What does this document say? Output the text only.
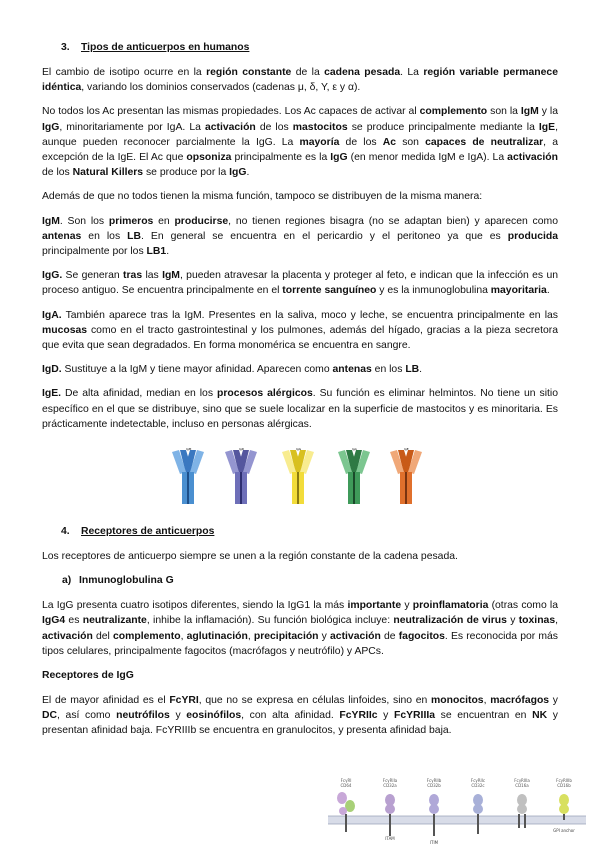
3. Tipos de anticuerpos en humanos

El cambio de isotipo ocurre en la región constante de la cadena pesada. La región variable permanece idéntica, variando los dominios conservados (cadenas μ, δ, Υ, ε y α).

No todos los Ac presentan las mismas propiedades. Los Ac capaces de activar al complemento son la IgM y la IgG, minoritariamente por IgA. La activación de los mastocitos se produce principalmente mediante la IgE, aunque pueden reconocer parcialmente la IgG. La mayoría de los Ac son capaces de neutralizar, a excepción de la IgE. El Ac que opsoniza principalmente es la IgG (en menor medida IgM e IgA). La activación de los Natural Killers se produce por la IgG.

Además de que no todos tienen la misma función, tampoco se distribuyen de la misma manera:

IgM. Son los primeros en producirse, no tienen regiones bisagra (no se adaptan bien) y aparecen como antenas en los LB. En general se encuentra en el pericardio y el peritoneo ya que es producida principalmente por los LB1.

IgG. Se generan tras las IgM, pueden atravesar la placenta y proteger al feto, e indican que la infección es un proceso antiguo. Se encuentra principalmente en el torrente sanguíneo y es la inmunoglobulina mayoritaria.

IgA. También aparece tras la IgM. Presentes en la saliva, moco y leche, se encuentra principalmente en las mucosas como en el tracto gastrointestinal y los pulmones, además del hígado, gracias a la pieza secretora que evita que sean degradados. En forma monomérica se encuentra en sangre.

IgD. Sustituye a la IgM y tiene mayor afinidad. Aparecen como antenas en los LB.

IgE. De alta afinidad, median en los procesos alérgicos. Su función es eliminar helmintos. No tiene un sitio específico en el que se distribuye, sino que se suele localizar en la superficie de mastocitos y es minoritaria. Es prácticamente indetectable, incluso en personas alérgicas.

IgM	IgD	IgG	IgA	IgE
4. Receptores de anticuerpos

Los receptores de anticuerpo siempre se unen a la región constante de la cadena pesada.

a) Inmunoglobulina G

La IgG presenta cuatro isotipos diferentes, siendo la IgG1 la más importante y proinflamatoria (otras como la IgG4 es neutralizante, inhibe la inflamación). Su función biológica incluye: neutralización de virus y toxinas, activación del complemento, aglutinación, precipitación y activación de fagocitos. Es reconocida por más tipos celulares, principalmente fagocitos (macrófagos y neutrófilo) y APCs.

Receptores de IgG

El de mayor afinidad es el FcYRI, que no se expresa en células linfoides, sino en monocitos, macrófagos y DC, así como neutrófilos y eosinófilos, con alta afinidad. FcYRIIc y FcYRIIIa se encuentran en NK y presentan afinidad baja. FcYRIIIb se encuentra en granulocitos, y presenta afinidad baja.

FcγRI
CD64
FcγRIIa
CD32a
FcγRIIb
CD32b
FcγRIIc
CD32c
FcγRIIIa
CD16a
FcγRIIIb
CD16b
ITAM
ITIM
GPI anchor
